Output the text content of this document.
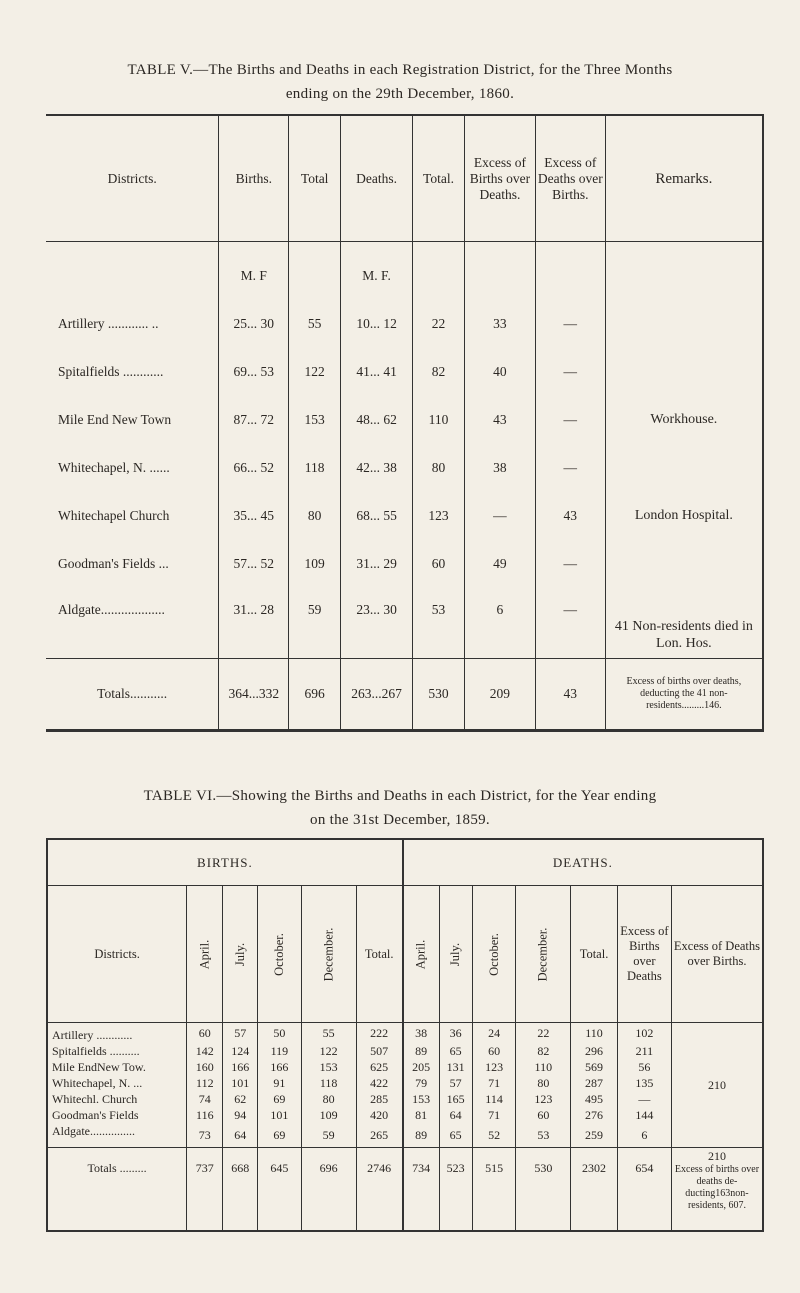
TABLE V.—The Births and Deaths in each Registration District, for the Three Months
ending on the 29th December, 1860.
Districts.	Births.	Total	Deaths.	Total.	Excess of Births over Deaths.	Excess of Deaths over Births.	Remarks.
	M. F		M. F.				
Artillery ............ ..	25... 30	55	10... 12	22	33	—	
Spitalfields ............	69... 53	122	41... 41	82	40	—	
Mile End New Town	87... 72	153	48... 62	110	43	—	Workhouse.
Whitechapel, N. ......	66... 52	118	42... 38	80	38	—	
Whitechapel Church	35... 45	80	68... 55	123	—	43	London Hospital.
Goodman's Fields ...	57... 52	109	31... 29	60	49	—	
Aldgate...................	31... 28	59	23... 30	53	6	—	41 Non-residents died in Lon. Hos.
Totals...........	364...332	696	263...267	530	209	43	Excess of births over deaths, deducting the 41 non-residents.........146.
TABLE VI.—Showing the Births and Deaths in each District, for the Year ending
on the 31st December, 1859.
BIRTHS.						DEATHS.						
Districts.	April.	July.	October.	December.	Total.	April.	July.	October.	December.	Total.	Excess of Births over Deaths	Excess of Deaths over Births.
Artillery ............	60	57	50	55	222	38	36	24	22	110	102	210
Spitalfields ..........	142	124	119	122	507	89	65	60	82	296	211	
Mile EndNew Tow.	160	166	166	153	625	205	131	123	110	569	56	
Whitechapel, N. ...	112	101	91	118	422	79	57	71	80	287	135	
Whitechl. Church	74	62	69	80	285	153	165	114	123	495	—	
Goodman's Fields	116	94	101	109	420	81	64	71	60	276	144	
Aldgate...............	73	64	69	59	265	89	65	52	53	259	6	
Totals .........	737	668	645	696	2746	734	523	515	530	2302	654	210
Excess of births over deaths de-ducting163non-residents, 607.
